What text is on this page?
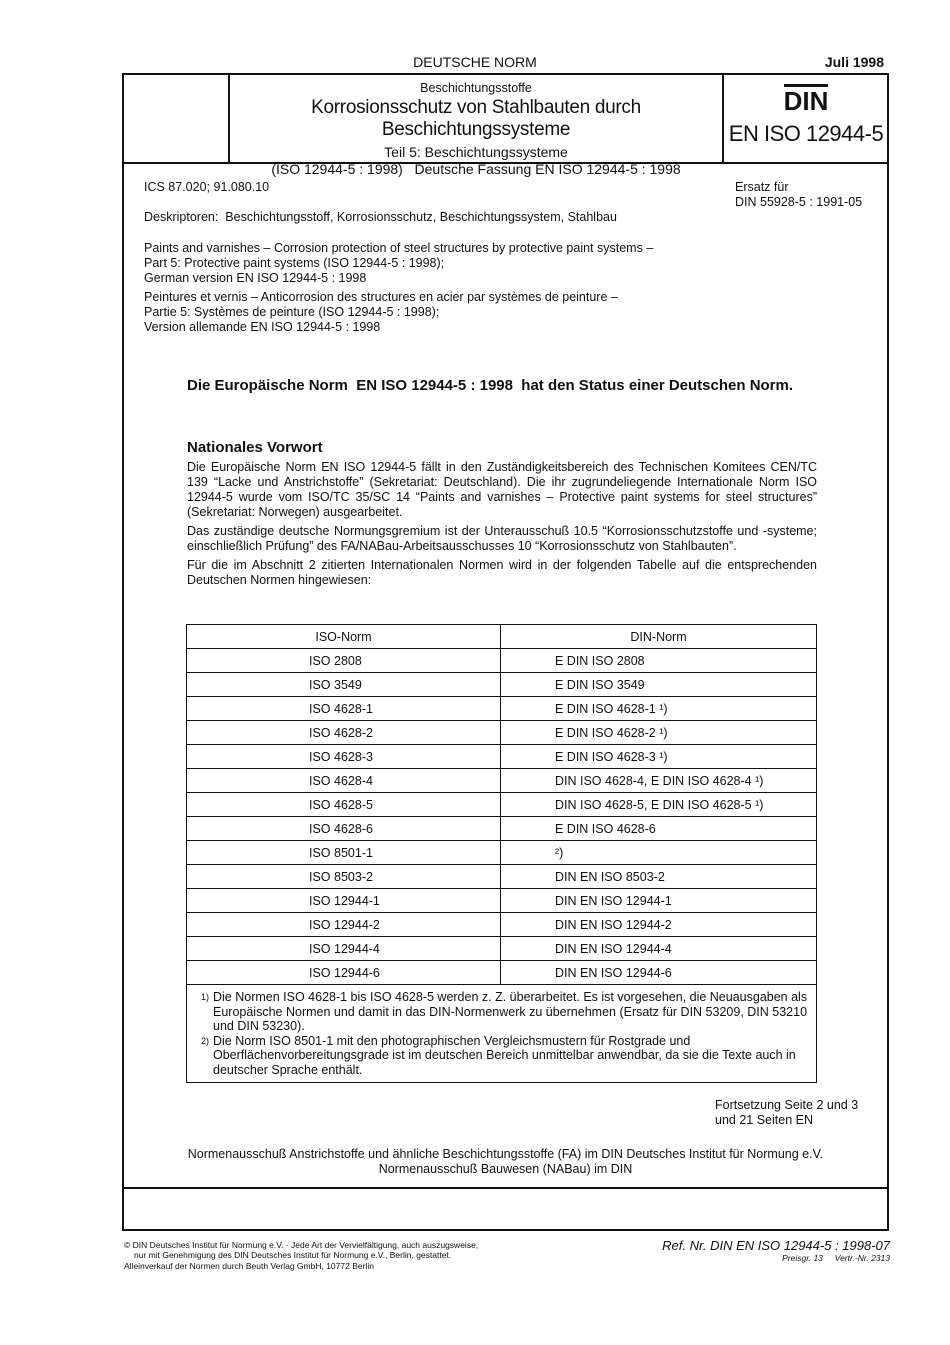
DEUTSCHE NORM	Juli 1998
Beschichtungsstoffe
Korrosionsschutz von Stahlbauten durch Beschichtungssysteme
Teil 5: Beschichtungssysteme
(ISO 12944-5 : 1998)   Deutsche Fassung EN ISO 12944-5 : 1998
DIN
EN ISO 12944-5
ICS 87.020; 91.080.10	Ersatz für
DIN 55928-5 : 1991-05
Deskriptoren:  Beschichtungsstoff, Korrosionsschutz, Beschichtungssystem, Stahlbau
Paints and varnishes – Corrosion protection of steel structures by protective paint systems –
Part 5: Protective paint systems (ISO 12944-5 : 1998);
German version EN ISO 12944-5 : 1998
Peintures et vernis – Anticorrosion des structures en acier par systèmes de peinture –
Partie 5: Systèmes de peinture (ISO 12944-5 : 1998);
Version allemande EN ISO 12944-5 : 1998
Die Europäische Norm  EN ISO 12944-5 : 1998  hat den Status einer Deutschen Norm.
Nationales Vorwort

Die Europäische Norm EN ISO 12944-5 fällt in den Zuständigkeitsbereich des Technischen Komitees CEN/TC 139 “Lacke und Anstrichstoffe” (Sekretariat: Deutschland). Die ihr zugrundeliegende Internationale Norm ISO 12944-5 wurde vom ISO/TC 35/SC 14 “Paints and varnishes – Protective paint systems for steel structures” (Sekretariat: Norwegen) ausgearbeitet.

Das zuständige deutsche Normungsgremium ist der Unterausschuß 10.5 “Korrosionsschutzstoffe und -systeme; einschließlich Prüfung” des FA/NABau-Arbeitsausschusses 10 “Korrosionsschutz von Stahlbauten”.

Für die im Abschnitt 2 zitierten Internationalen Normen wird in der folgenden Tabelle auf die entsprechenden Deutschen Normen hingewiesen:

ISO-Norm	DIN-Norm
ISO 2808	E DIN ISO 2808
ISO 3549	E DIN ISO 3549
ISO 4628-1	E DIN ISO 4628-1 ¹)
ISO 4628-2	E DIN ISO 4628-2 ¹)
ISO 4628-3	E DIN ISO 4628-3 ¹)
ISO 4628-4	DIN ISO 4628-4, E DIN ISO 4628-4 ¹)
ISO 4628-5	DIN ISO 4628-5, E DIN ISO 4628-5 ¹)
ISO 4628-6	E DIN ISO 4628-6
ISO 8501-1	²)
ISO 8503-2	DIN EN ISO 8503-2
ISO 12944-1	DIN EN ISO 12944-1
ISO 12944-2	DIN EN ISO 12944-2
ISO 12944-4	DIN EN ISO 12944-4
ISO 12944-6	DIN EN ISO 12944-6
1) Die Normen ISO 4628-1 bis ISO 4628-5 werden z. Z. überarbeitet. Es ist vorgesehen, die Neuausgaben als Europäische Normen und damit in das DIN-Normenwerk zu übernehmen (Ersatz für DIN 53209, DIN 53210 und DIN 53230).
2) Die Norm ISO 8501-1 mit den photographischen Vergleichsmustern für Rostgrade und Oberflächenvorbereitungsgrade ist im deutschen Bereich unmittelbar anwendbar, da sie die Texte auch in deutscher Sprache enthält.
Fortsetzung Seite 2 und 3
und 21 Seiten EN
Normenausschuß Anstrichstoffe und ähnliche Beschichtungsstoffe (FA) im DIN Deutsches Institut für Normung e.V.
Normenausschuß Bauwesen (NABau) im DIN
© DIN Deutsches Institut für Normung e.V. · Jede Art der Vervielfältigung, auch auszugsweise,
nur mit Genehmigung des DIN Deutsches Institut für Normung e.V., Berlin, gestattet.
Alleinverkauf der Normen durch Beuth Verlag GmbH, 10772 Berlin
Ref. Nr. DIN EN ISO 12944-5 : 1998-07
Preisgr. 13 Vertr.-Nr. 2313
